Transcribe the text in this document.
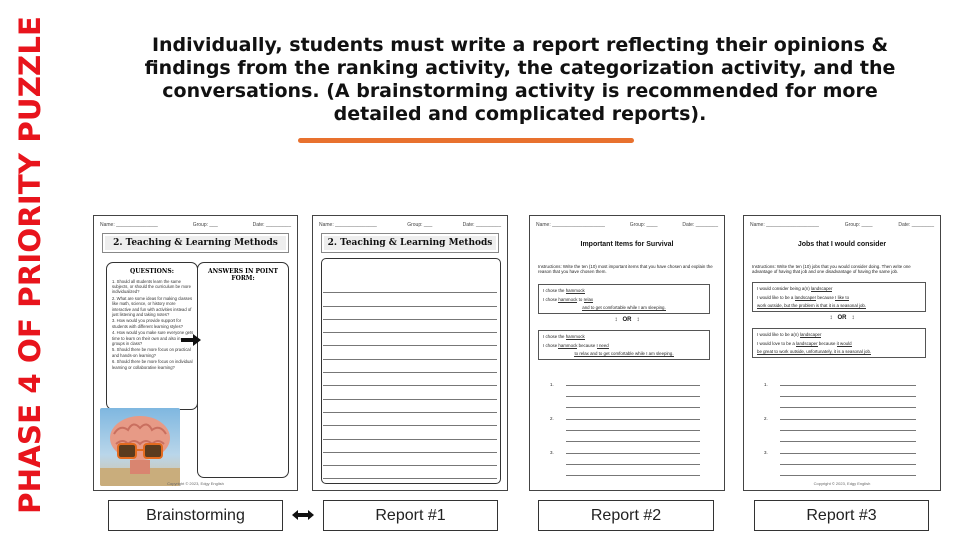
PHASE 4 OF PRIORITY PUZZLE	Individually, students must write a report reflecting their opinions &
findings from the ranking activity, the categorization activity, and the
conversations. (A brainstorming activity is recommended for more
detailed and complicated reports).
Name: _______________	Group: ___	Date: _________
2. Teaching & Learning Methods
QUESTIONS:
1. Should all students learn the same subjects, or should the curriculum be more individualized?
2. What are some ideas for making classes like math, science, or history more interactive and fun with activities instead of just listening and taking notes?
3. How would you provide support for students with different learning styles?
4. How would you make sure everyone gets time to learn on their own and also in groups in class?
5. Should there be more focus on practical and hands-on learning?
6. Should there be more focus on individual learning or collaborative learning?
ANSWERS IN POINT FORM:
Copyright © 2023, Edgy English
Name: _______________	Group: ___	Date: _________
2. Teaching & Learning Methods
Name: ___________________	Group: ____	Date: ________
Important Items for Survival
Instructions: Write the ten (10) most important items that you have chosen and explain the reason that you have chosen them.

I chose the hammock

I chose hammock to relax

and to get comfortable while I am sleeping.

↕ OR ↕

I chose the hammock

I chose hammock because I need

to relax and to get comfortable while I am sleeping.

1.
2.
3.
Name: ___________________	Group: ____	Date: ________
Jobs that I would consider
Instructions: Write the ten (10) jobs that you would consider doing. Then write one advantage of having that job and one disadvantage of having the same job.

I would consider being a(n) landscaper

I would like to be a landscaper because I like to

work outside, but the problem is that it is a seasonal job.

↕ OR ↕

I would like to be a(n) landscaper

I would love to be a landscaper because it would

be great to work outside, unfortunately, it is a seasonal job.

1.
2.
3.
Copyright © 2023, Edgy English
Brainstorming	Report #1	Report #2	Report #3
